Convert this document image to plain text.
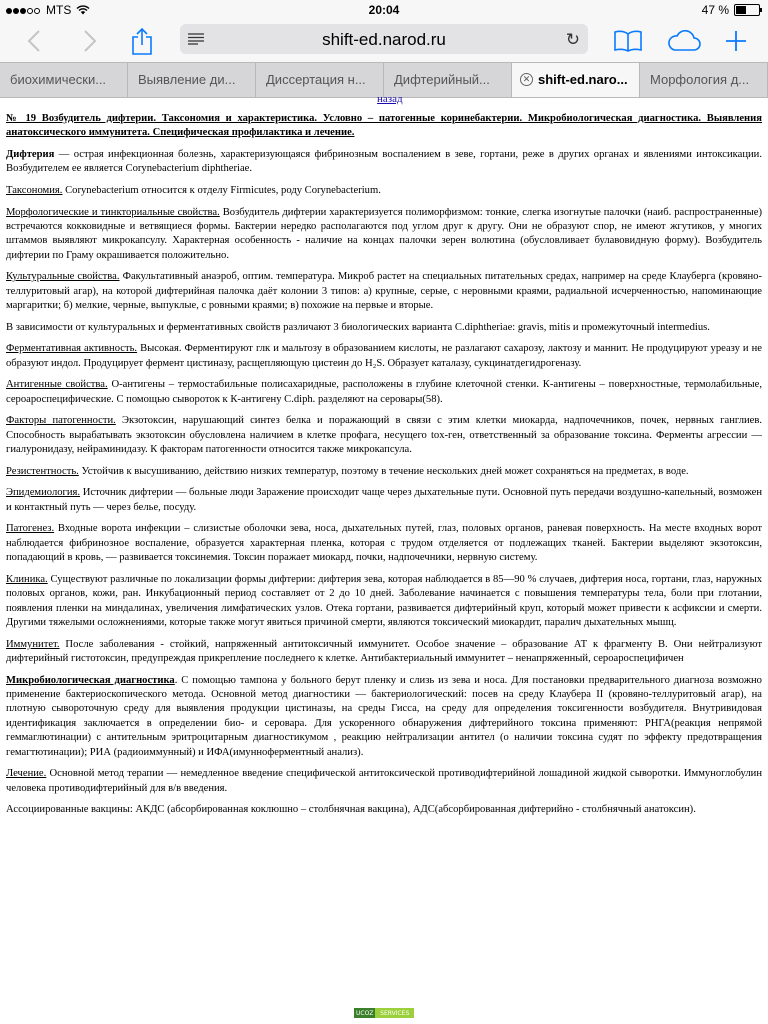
MTS	20:04	47 %
shift-ed.narod.ru	↻
биохимически...	Выявление ди...	Диссертация н...	Дифтерийный...	✕ shift-ed.naro...	Морфология д...
назад

№ 19 Возбудитель дифтерии. Таксономия и характеристика. Условно – патогенные коринебактерии. Микробиологическая диагностика. Выявления анатоксического иммунитета. Специфическая профилактика и лечение.

Дифтерия — острая инфекционная болезнь, характеризующаяся фибринозным воспалением в зеве, гортани, реже в других органах и явлениями интоксикации. Возбудителем ее является Corynebacterium diphtheriae.

Таксономия. Corynebacterium относится к отделу Firmicutes, роду Corynebacterium.

Морфологические и тинкториальные свойства. Возбудитель дифтерии характеризуется полиморфизмом: тонкие, слегка изогнутые палочки (наиб. распространенные) встречаются кокковидные и ветвящиеся формы. Бактерии нередко располагаются под углом друг к другу. Они не образуют спор, не имеют жгутиков, у многих штаммов выявляют микрокапсулу. Характерная особенность - наличие на концах палочки зерен волютина (обусловливает булавовидную форму). Возбудитель дифтерии по Граму окрашивается положительно.

Культуральные свойства. Факультативный анаэроб, оптим. температура. Микроб растет на специальных питательных средах, например на среде Клауберга (кровяно-теллуритовый агар), на которой дифтерийная палочка даёт колонии 3 типов: а) крупные, серые, с неровными краями, радиальной исчерченностью, напоминающие маргаритки; б) мелкие, черные, выпуклые, с ровными краями; в) похожие на первые и вторые.

В зависимости от культуральных и ферментативных свойств различают 3 биологических варианта C.diphtheriae: gravis, mitis и промежуточный intermedius.

Ферментативная активность. Высокая. Ферментируют глк и мальтозу в образованием кислоты, не разлагают сахарозу, лактозу и маннит. Не продуцируют уреазу и не образуют индол. Продуцирует фермент цистиназу, расщепляющую цистеин до H₂S. Образует каталазу, сукцинатдегидрогеназу.

Антигенные свойства. О-антигены – термостабильные полисахаридные, расположены в глубине клеточной стенки. К-антигены – поверхностные, термолабильные, сероароспецифические. С помощью сывороток к К-антигену C.diph. разделяют на серовары(58).

Факторы патогенности. Экзотоксин, нарушающий синтез белка и поражающий в связи с этим клетки миокарда, надпочечников, почек, нервных ганглиев. Способность вырабатывать экзотоксин обусловлена наличием в клетке профага, несущего tox-ген, ответственный за образование токсина. Ферменты агрессии — гиалуронидазу, нейраминидазу. К факторам патогенности относится также микрокапсула.

Резистентность. Устойчив к высушиванию, действию низких температур, поэтому в течение нескольких дней может сохраняться на предметах, в воде.

Эпидемиология. Источник дифтерии — больные люди Заражение происходит чаще через дыхательные пути. Основной путь передачи воздушно-капельный, возможен и контактный путь — через белье, посуду.

Патогенез. Входные ворота инфекции – слизистые оболочки зева, носа, дыхательных путей, глаз, половых органов, раневая поверхность. На месте входных ворот наблюдается фибринозное воспаление, образуется характерная пленка, которая с трудом отделяется от подлежащих тканей. Бактерии выделяют экзотоксин, попадающий в кровь, — развивается токсинемия. Токсин поражает миокард, почки, надпочечники, нервную систему.

Клиника. Существуют различные по локализации формы дифтерии: дифтерия зева, которая наблюдается в 85—90 % случаев, дифтерия носа, гортани, глаз, наружных половых органов, кожи, ран. Инкубационный период составляет от 2 до 10 дней. Заболевание начинается с повышения температуры тела, боли при глотании, появления пленки на миндалинах, увеличения лимфатических узлов. Отека гортани, развивается дифтерийный круп, который может привести к асфиксии и смерти. Другими тяжелыми осложнениями, которые также могут явиться причиной смерти, являются токсический миокардит, паралич дыхательных мышц.

Иммунитет. После заболевания - стойкий, напряженный антитоксичный иммунитет. Особое значение – образование АТ к фрагменту В. Они нейтрализуют дифтерийный гистотоксин, предупреждая прикрепление последнего к клетке. Антибактериальный иммунитет – ненапряженный, сероароспецифичен

Микробиологическая диагностика. С помощью тампона у больного берут пленку и слизь из зева и носа. Для постановки предварительного диагноза возможно применение бактериоскопического метода. Основной метод диагностики — бактериологический: посев на среду Клаубера II (кровяно-теллуритовый агар), на плотную сывороточную среду для выявления продукции цистиназы, на среды Гисса, на среду для определения токсигенности возбудителя. Внутривидовая идентификация заключается в определении био- и серовара. Для ускоренного обнаружения дифтерийного токсина применяют: РНГА(реакция непрямой геммаглютинации) с антительным эритроцитарным диагностикумом , реакцию нейтрализации антител (о наличии токсина судят по эффекту предотвращения гемагтютинации); РИА (радиоиммунный) и ИФА(имунноферментный анализ).

Лечение. Основной метод терапии — немедленное введение специфической антитоксической противодифтерийной лошадиной жидкой сыворотки. Иммуноглобулин человека противодифтерийный для в/в введения.

Ассоциированные вакцины: АКДС (абсорбированная коклюшно – столбнячная вакцина), АДС(абсорбированная дифтерийно - столбнячный анатоксин).

UCOZ	SERVICES
